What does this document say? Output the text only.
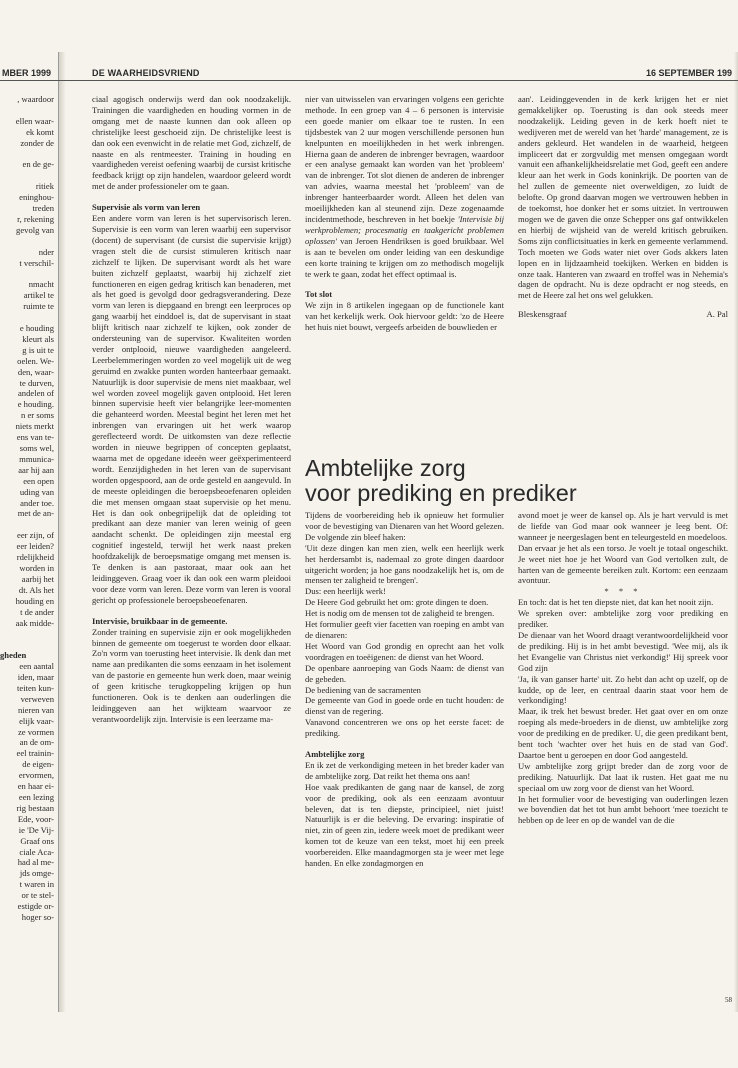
MBER 1999	DE WAARHEIDSVRIEND	16 SEPTEMBER 199
, waardoor

ellen waar-
ek komt
zonder de

en de ge-

ritiek
eninghou-
treden
r, rekening
gevolg van

nder
t verschil-

nmacht
artikel te
ruimte te

e houding
kleurt als
g is uit te
oelen. We-
den, waar-
te durven,
andelen of
e houding.
n er soms
niets merkt
ens van te-
soms wel,
mmunica-
aar hij aan
een open
uding van
ander toe.
met de an-

eer zijn, of
eer leiden?
rdelijkheid
worden in
aarbij het
dt. Als het
houding en
t de ander
aak midde-

gheden
een aantal
iden, maar
teiten kun-
verweven
nieren van
elijk vaar-
ze vormen
an de om-
eel trainin-
de eigen-
ervormen,
en haar ei-
een lezing
rig bestaan
Ede, voor-
ie 'De Vij-
Graaf ons
ciale Aca-
had al me-
jds omge-
t waren in
or te stel-
estigde or-
hoger so-

ciaal agogisch onderwijs werd dan ook noodzakelijk. Trainingen die vaardigheden en houding vormen in de omgang met de naaste kunnen dan ook alleen op christelijke leest geschoeid zijn. De christelijke leest is dan ook een evenwicht in de relatie met God, zichzelf, de naaste en als rentmeester. Training in houding en vaardigheden vereist oefening waarbij de cursist kritische feedback krijgt op zijn handelen, waardoor geleerd wordt met de ander professioneler om te gaan.

Supervisie als vorm van leren

Een andere vorm van leren is het supervisorisch leren. Supervisie is een vorm van leren waarbij een supervisor (docent) de supervisant (de cursist die supervisie krijgt) vragen stelt die de cursist stimuleren kritisch naar zichzelf te lijken. De supervisant wordt als het ware buiten zichzelf geplaatst, waarbij hij zichzelf ziet functioneren en eigen gedrag kritisch kan benaderen, met als het goed is gevolgd door gedragsverandering. Deze vorm van leren is diepgaand en brengt een leerproces op gang waarbij het einddoel is, dat de supervisant in staat blijft kritisch naar zichzelf te kijken, ook zonder de ondersteuning van de supervisor. Kwaliteiten worden verder ontplooid, nieuwe vaardigheden aangeleerd. Leerbelemmeringen worden zo veel mogelijk uit de weg geruimd en zwakke punten worden hanteerbaar gemaakt. Natuurlijk is door supervisie de mens niet maakbaar, wel wel worden zoveel mogelijk gaven ontplooid. Het leren binnen supervisie heeft vier belangrijke leer-momenten die gehanteerd worden. Meestal begint het leren met het inbrengen van ervaringen uit het werk waarop gereflecteerd wordt. De uitkomsten van deze reflectie worden in nieuwe begrippen of concepten geplaatst, waarna met de opgedane ideeën weer geëxperimenteerd wordt. Eenzijdigheden in het leren van de supervisant worden opgespoord, aan de orde gesteld en aangevuld. In de meeste opleidingen die beroepsbeoefenaren opleiden die met mensen omgaan staat supervisie op het menu. Het is dan ook onbegrijpelijk dat de opleiding tot predikant aan deze manier van leren weinig of geen aandacht schenkt. De opleidingen zijn meestal erg cognitief ingesteld, terwijl het werk naast preken hoofdzakelijk de beroepsmatige omgang met mensen is. Te denken is aan pastoraat, maar ook aan het leidinggeven. Graag voer ik dan ook een warm pleidooi voor deze vorm van leren. Deze vorm van leren is vooral gericht op professionele beroepsbeoefenaren.

Intervisie, bruikbaar in de gemeente.

Zonder training en supervisie zijn er ook mogelijkheden binnen de gemeente om toegerust te worden door elkaar. Zo'n vorm van toerusting heet intervisie. Ik denk dan met name aan predikanten die soms eenzaam in het isolement van de pastorie en gemeente hun werk doen, maar weinig of geen kritische terugkoppeling krijgen op hun functioneren. Ook is te denken aan ouderlingen die leidinggeven aan het wijkteam waarvoor ze verantwoordelijk zijn. Intervisie is een leerzame ma-

nier van uitwisselen van ervaringen volgens een gerichte methode. In een groep van 4 – 6 personen is intervisie een goede manier om elkaar toe te rusten. In een tijdsbestek van 2 uur mogen verschillende personen hun knelpunten en moeilijkheden in het werk inbrengen. Hierna gaan de anderen de inbrenger bevragen, waardoor er een analyse gemaakt kan worden van het 'probleem' van de inbrenger. Tot slot dienen de anderen de inbrenger van advies, waarna meestal het 'probleem' van de inbrenger hanteerbaarder wordt. Alleen het delen van moeilijkheden kan al steunend zijn. Deze zogenaamde incidentmethode, beschreven in het boekje 'Intervisie bij werkproblemen; procesmatig en taakgericht problemen oplossen' van Jeroen Hendriksen is goed bruikbaar. Wel is aan te bevelen om onder leiding van een deskundige een korte training te krijgen om zo methodisch mogelijk te werk te gaan, zodat het effect optimaal is.

Tot slot

We zijn in 8 artikelen ingegaan op de functionele kant van het kerkelijk werk. Ook hiervoor geldt: 'zo de Heere het huis niet bouwt, vergeefs arbeiden de bouwlieden er

aan'. Leidinggevenden in de kerk krijgen het er niet gemakkelijker op. Toerusting is dan ook steeds meer noodzakelijk. Leiding geven in de kerk hoeft niet te wedijveren met de wereld van het 'harde' management, ze is anders gekleurd. Het wandelen in de waarheid, hetgeen impliceert dat er zorgvuldig met mensen omgegaan wordt vanuit een afhankelijkheidsrelatie met God, geeft een andere kleur aan het werk in Gods koninkrijk. De poorten van de hel zullen de gemeente niet overweldigen, zo luidt de belofte. Op grond daarvan mogen we vertrouwen hebben in de toekomst, hoe donker het er soms uitziet. In vertrouwen mogen we de gaven die onze Schepper ons gaf ontwikkelen en hierbij de wijsheid van de wereld kritisch gebruiken. Soms zijn conflictsituaties in kerk en gemeente verlammend. Toch moeten we Gods water niet over Gods akkers laten lopen en in lijdzaamheid toekijken. Werken en bidden is onze taak. Hanteren van zwaard en troffel was in Nehemia's dagen de opdracht. Nu is deze opdracht er nog steeds, en met de Heere zal het ons wel gelukken.

Bleskensgraaf	A. Pal
Ambtelijke zorg
voor prediking en prediker

Tijdens de voorbereiding heb ik opnieuw het formulier voor de bevestiging van Dienaren van het Woord gelezen. De volgende zin bleef haken:

'Uit deze dingen kan men zien, welk een heerlijk werk het herdersambt is, nademaal zo grote dingen daardoor uitgericht worden; ja hoe gans noodzakelijk het is, om de mensen ter zaligheid te brengen'.

Dus: een heerlijk werk!

De Heere God gebruikt het om: grote dingen te doen.

Het is nodig om de mensen tot de zaligheid te brengen.

Het formulier geeft vier facetten van roeping en ambt van de dienaren:

Het Woord van God grondig en oprecht aan het volk voordragen en toeëigenen: de dienst van het Woord.

De openbare aanroeping van Gods Naam: de dienst van de gebeden.

De bediening van de sacramenten

De gemeente van God in goede orde en tucht houden: de dienst van de regering.

Vanavond concentreren we ons op het eerste facet: de prediking.

Ambtelijke zorg

En ik zet de verkondiging meteen in het breder kader van de ambtelijke zorg. Dat reikt het thema ons aan!

Hoe vaak predikanten de gang naar de kansel, de zorg voor de prediking, ook als een eenzaam avontuur beleven, dat is ten diepste, principieel, niet juist! Natuurlijk is er die beleving. De ervaring: inspiratie of niet, zin of geen zin, iedere week moet de predikant weer komen tot de keuze van een tekst, moet hij een preek voorbereiden. Elke maandagmorgen sta je weer met lege handen. En elke zondagmorgen en

avond moet je weer de kansel op. Als je hart vervuld is met de liefde van God maar ook wanneer je leeg bent. Of: wanneer je neergeslagen bent en teleurgesteld en moedeloos.

Dan ervaar je het als een torso. Je voelt je totaal ongeschikt. Je weet niet hoe je het Woord van God vertolken zult, de harten van de gemeente bereiken zult. Kortom: een eenzaam avontuur.

* * *

En toch: dat is het ten diepste niet, dat kan het nooit zijn.

We spreken over: ambtelijke zorg voor prediking en prediker.

De dienaar van het Woord draagt verantwoordelijkheid voor de prediking. Hij is in het ambt bevestigd. 'Wee mij, als ik het Evangelie van Christus niet verkondig!' Hij spreek voor God zijn

'Ja, ik van ganser harte' uit. Zo hebt dan acht op uzelf, op de kudde, op de leer, en centraal daarin staat voor hem de verkondiging!

Maar, ik trek het bewust breder. Het gaat over en om onze roeping als mede-broeders in de dienst, uw ambtelijke zorg voor de prediking en de prediker. U, die geen predikant bent, bent toch 'wachter over het huis en de stad van God'. Daartoe bent u geroepen en door God aangesteld.

Uw ambtelijke zorg grijpt breder dan de zorg voor de prediking. Natuurlijk. Dat laat ik rusten. Het gaat me nu speciaal om uw zorg voor de dienst van het Woord.

In het formulier voor de bevestiging van ouderlingen lezen we bovendien dat het tot hun ambt behoort 'mee toezicht te hebben op de leer en op de wandel van de die

58
